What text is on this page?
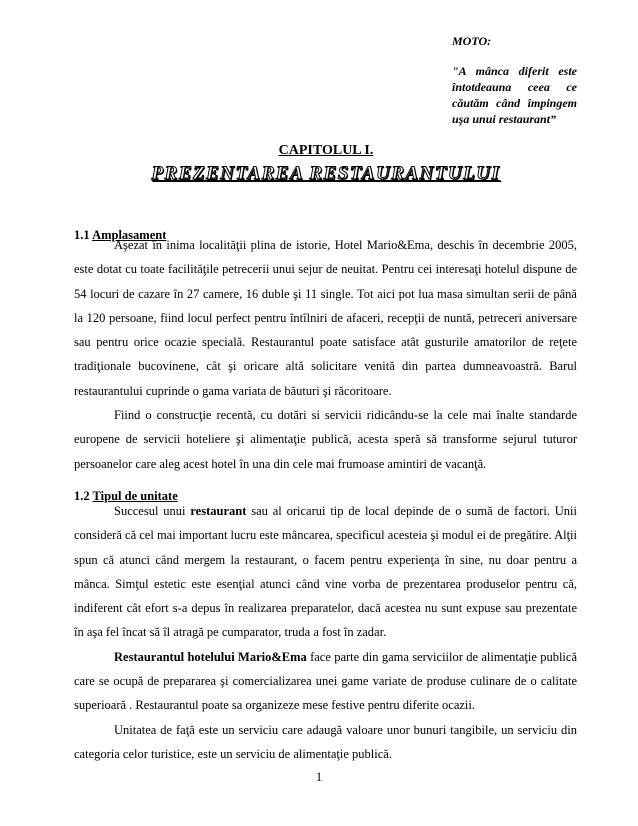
MOTO:
"A mânca diferit este întotdeauna ceea ce căutăm când împingem uşa unui restaurant”
CAPITOLUL I.
PREZENTAREA RESTAURANTULUI
1.1 Amplasament

Aşezat în inima localităţii plina de istorie, Hotel Mario&Ema, deschis în decembrie 2005, este dotat cu toate facilităţile petrecerii unui sejur de neuitat. Pentru cei interesaţi hotelul dispune de 54 locuri de cazare în 27 camere, 16 duble şi 11 single. Tot aici pot lua masa simultan serii de până la 120 persoane, fiind locul perfect pentru întîlniri de afaceri, recepţii de nuntă, petreceri aniversare sau pentru orice ocazie specială. Restaurantul poate satisface atât gusturile amatorilor de reţete tradiţionale bucovinene, cât şi oricare altă solicitare venită din partea dumneavoastră. Barul restaurantului cuprinde o gama variata de băuturi şi răcoritoare.

Fiind o construcţie recentă, cu dotări si servicii ridicându-se la cele mai înalte standarde europene de servicii hoteliere şi alimentaţie publică, acesta speră să transforme sejurul tuturor persoanelor care aleg acest hotel în una din cele mai frumoase amintiri de vacanţă.

1.2 Tipul de unitate

Succesul unui restaurant sau al oricarui tip de local depinde de o sumă de factori. Unii consideră că cel mai important lucru este mâncarea, specificul acesteia şi modul ei de pregătire. Alţii spun că atunci când mergem la restaurant, o facem pentru experienţa în sine, nu doar pentru a mânca. Simţul estetic este esenţial atunci când vine vorba de prezentarea produselor pentru că, indiferent cât efort s-a depus în realizarea preparatelor, dacă acestea nu sunt expuse sau prezentate în aşa fel încat să îl atragă pe cumparator, truda a fost în zadar.

Restaurantul hotelului Mario&Ema face parte din gama serviciilor de alimentaţie publică care se ocupă de prepararea şi comercializarea unei game variate de produse culinare de o calitate superioară . Restaurantul poate sa organizeze mese festive pentru diferite ocazii.

Unitatea de faţă este un serviciu care adaugă valoare unor bunuri tangibile, un serviciu din categoria celor turistice, este un serviciu de alimentaţie publică.

1
